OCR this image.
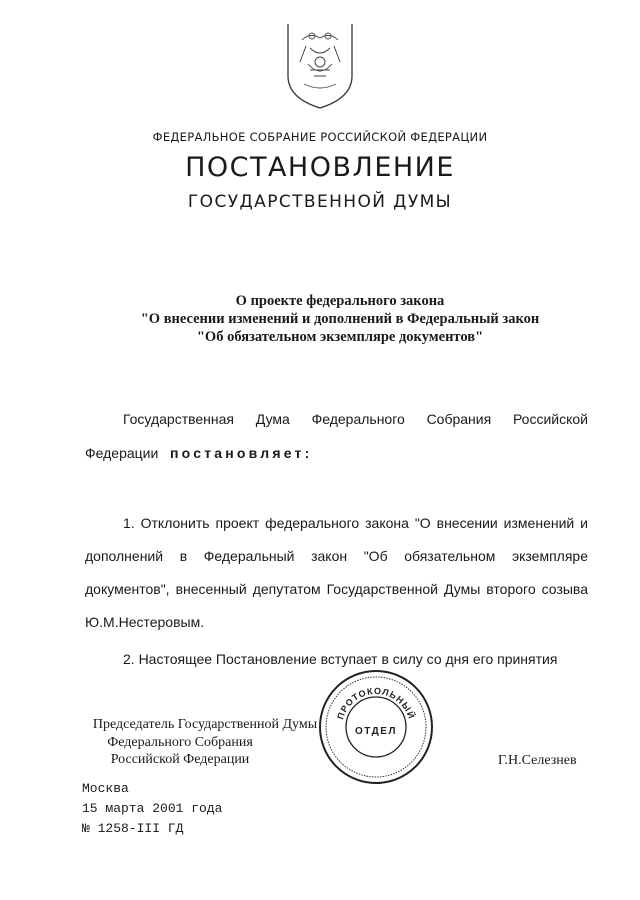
ФЕДЕРАЛЬНОЕ СОБРАНИЕ РОССИЙСКОЙ ФЕДЕРАЦИИ
ПОСТАНОВЛЕНИЕ
ГОСУДАРСТВЕННОЙ ДУМЫ
О проекте федерального закона
"О внесении изменений и дополнений в Федеральный закон
"Об обязательном экземпляре документов"
Государственная Дума Федерального Собрания Российской
Федерации постановляет:
1. Отклонить проект федерального закона "О внесении изменений и
дополнений в Федеральный закон "Об обязательном экземпляре
документов", внесенный депутатом Государственной Думы второго созыва
Ю.М.Нестеровым.
2. Настоящее Постановление вступает в силу со дня его принятия
Председатель Государственной Думы
Федерального Собрания
Российской Федерации	Г.Н.Селезнев
ПРОТОКОЛЬНЫЙ
ОТДЕЛ
Москва
15 марта 2001 года
№ 1258-III ГД
